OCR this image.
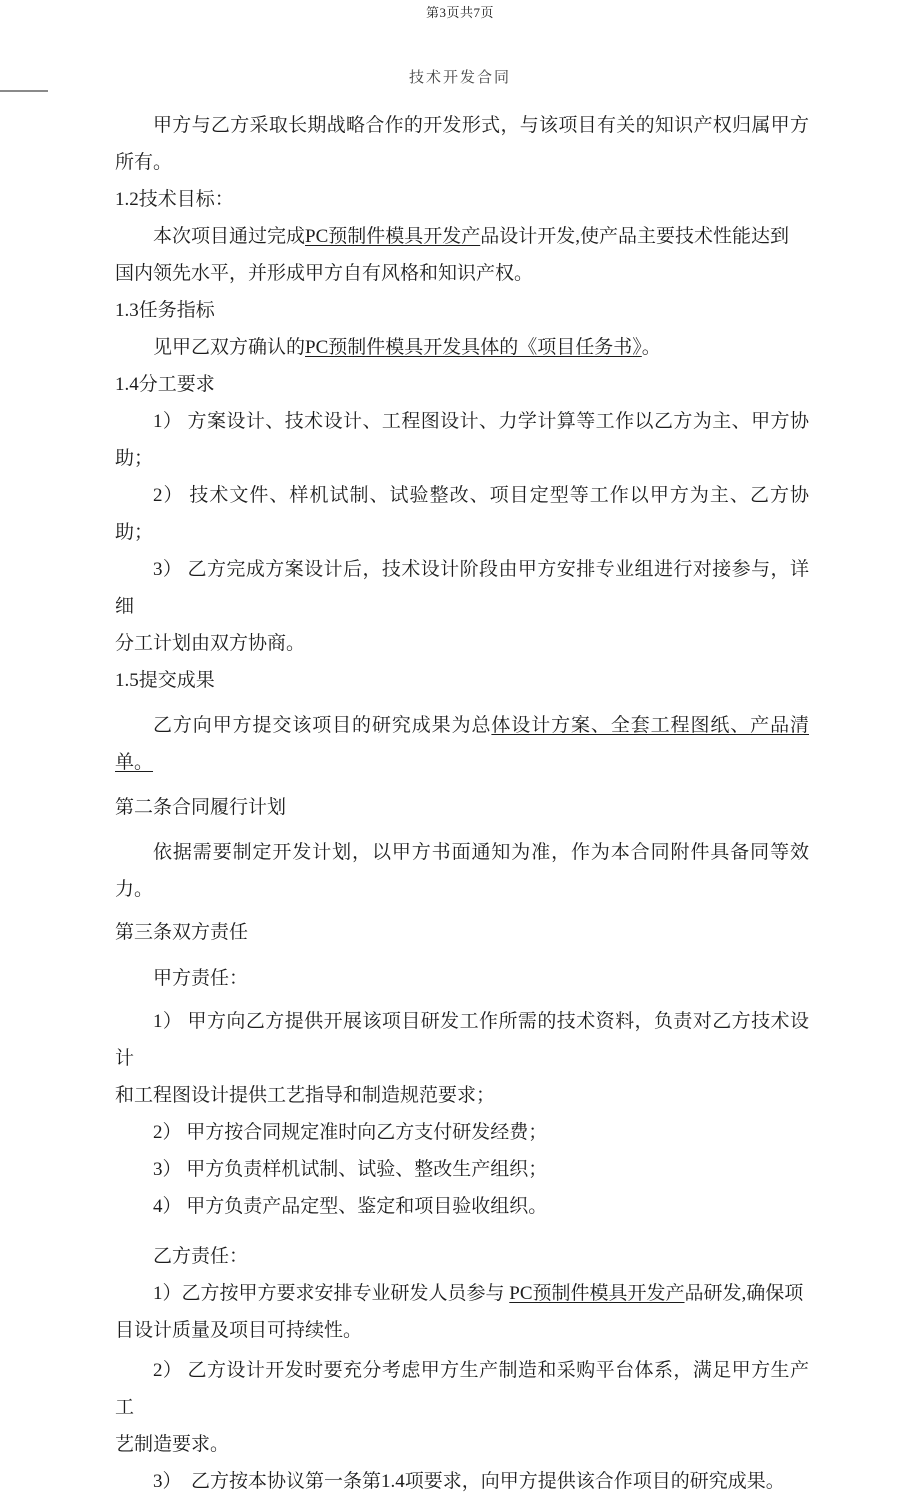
第3页共7页
技术开发合同
甲方与乙方采取长期战略合作的开发形式，与该项目有关的知识产权归属甲方 所有。
1.2技术目标：
本次项目通过完成PC预制件模具开发产品设计开发,使产品主要技术性能达到
国内领先水平，并形成甲方自有风格和知识产权。
1.3任务指标
见甲乙双方确认的PC预制件模具开发具体的《项目任务书》。
1.4分工要求
1） 方案设计、技术设计、工程图设计、力学计算等工作以乙方为主、甲方协助；
2） 技术文件、样机试制、试验整改、项目定型等工作以甲方为主、乙方协助；
3） 乙方完成方案设计后，技术设计阶段由甲方安排专业组进行对接参与，详细
分工计划由双方协商。
1.5提交成果
乙方向甲方提交该项目的研究成果为总体设计方案、全套工程图纸、产品清单。
第二条合同履行计划
依据需要制定开发计划，以甲方书面通知为准，作为本合同附件具备同等效力。
第三条双方责任
甲方责任：
1） 甲方向乙方提供开展该项目研发工作所需的技术资料，负责对乙方技术设计
和工程图设计提供工艺指导和制造规范要求；
2） 甲方按合同规定准时向乙方支付研发经费；
3） 甲方负责样机试制、试验、整改生产组织；
4） 甲方负责产品定型、鉴定和项目验收组织。
乙方责任：
1）乙方按甲方要求安排专业研发人员参与 PC预制件模具开发产品研发,确保项
目设计质量及项目可持续性。
2） 乙方设计开发时要充分考虑甲方生产制造和采购平台体系，满足甲方生产工
艺制造要求。
3）  乙方按本协议第一条第1.4项要求，向甲方提供该合作项目的研究成果。
